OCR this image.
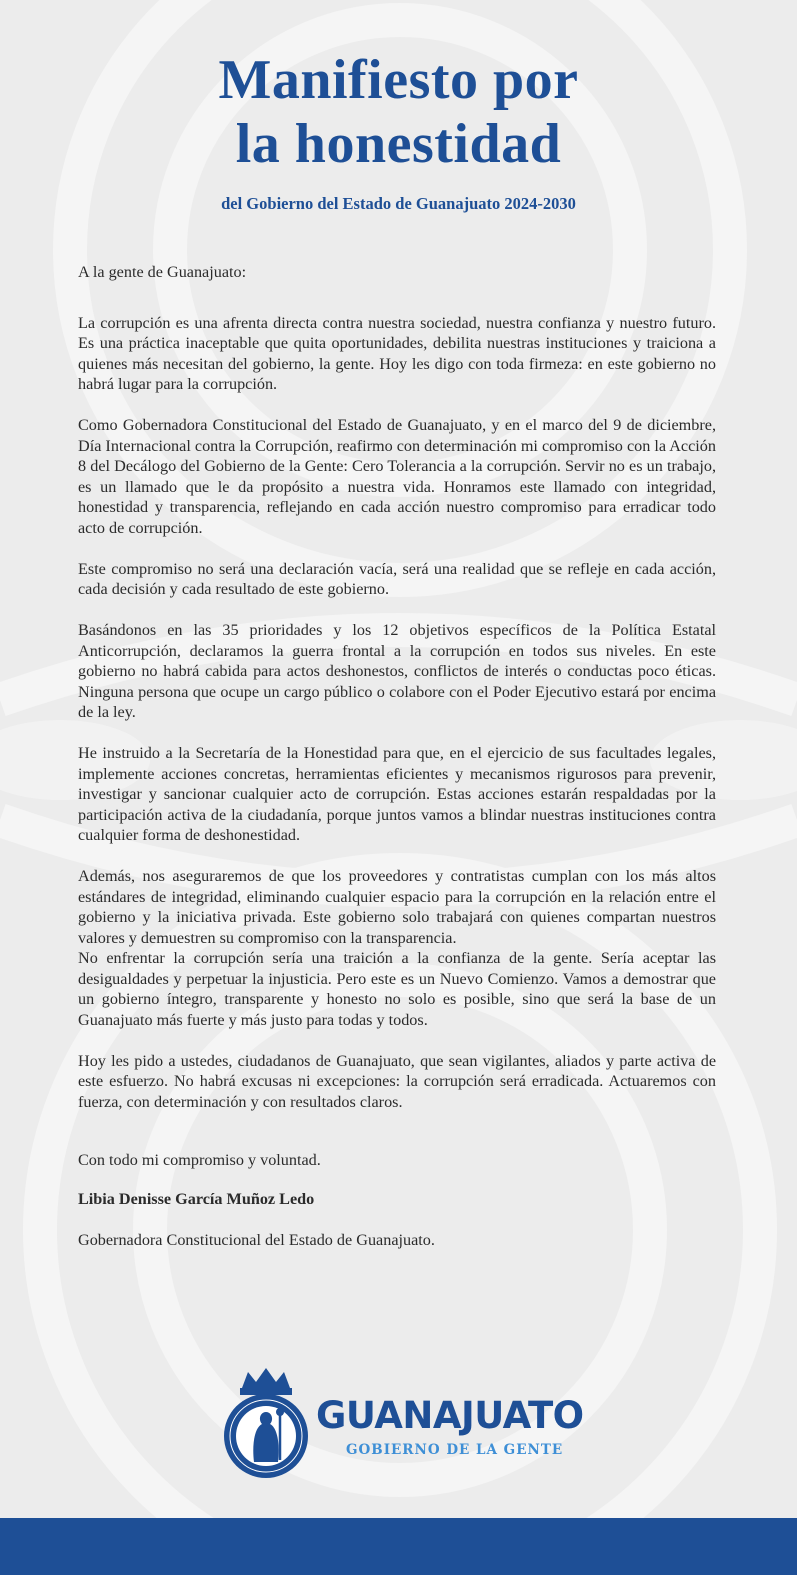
Manifiesto por
la honestidad

del Gobierno del Estado de Guanajuato 2024-2030

A la gente de Guanajuato:

La corrupción es una afrenta directa contra nuestra sociedad, nuestra confianza y nuestro futuro. Es una práctica inaceptable que quita oportunidades, debilita nuestras instituciones y traiciona a quienes más necesitan del gobierno, la gente. Hoy les digo con toda firmeza: en este gobierno no habrá lugar para la corrupción.

Como Gobernadora Constitucional del Estado de Guanajuato, y en el marco del 9 de diciembre, Día Internacional contra la Corrupción, reafirmo con determinación mi compromiso con la Acción 8 del Decálogo del Gobierno de la Gente: Cero Tolerancia a la corrupción. Servir no es un trabajo, es un llamado que le da propósito a nuestra vida. Honramos este llamado con integridad, honestidad y transparencia, reflejando en cada acción nuestro compromiso para erradicar todo acto de corrupción.

Este compromiso no será una declaración vacía, será una realidad que se refleje en cada acción, cada decisión y cada resultado de este gobierno.

Basándonos en las 35 prioridades y los 12 objetivos específicos de la Política Estatal Anticorrupción, declaramos la guerra frontal a la corrupción en todos sus niveles. En este gobierno no habrá cabida para actos deshonestos, conflictos de interés o conductas poco éticas. Ninguna persona que ocupe un cargo público o colabore con el Poder Ejecutivo estará por encima de la ley.

He instruido a la Secretaría de la Honestidad para que, en el ejercicio de sus facultades legales, implemente acciones concretas, herramientas eficientes y mecanismos rigurosos para prevenir, investigar y sancionar cualquier acto de corrupción. Estas acciones estarán respaldadas por la participación activa de la ciudadanía, porque juntos vamos a blindar nuestras instituciones contra cualquier forma de deshonestidad.

Además, nos aseguraremos de que los proveedores y contratistas cumplan con los más altos estándares de integridad, eliminando cualquier espacio para la corrupción en la relación entre el gobierno y la iniciativa privada. Este gobierno solo trabajará con quienes compartan nuestros valores y demuestren su compromiso con la transparencia.

No enfrentar la corrupción sería una traición a la confianza de la gente. Sería aceptar las desigualdades y perpetuar la injusticia. Pero este es un Nuevo Comienzo. Vamos a demostrar que un gobierno íntegro, transparente y honesto no solo es posible, sino que será la base de un Guanajuato más fuerte y más justo para todas y todos.

Hoy les pido a ustedes, ciudadanos de Guanajuato, que sean vigilantes, aliados y parte activa de este esfuerzo. No habrá excusas ni excepciones: la corrupción será erradicada. Actuaremos con fuerza, con determinación y con resultados claros.

Con todo mi compromiso y voluntad.

Libia Denisse García Muñoz Ledo

Gobernadora Constitucional del Estado de Guanajuato.

GUANAJUATO
GOBIERNO DE LA GENTE
